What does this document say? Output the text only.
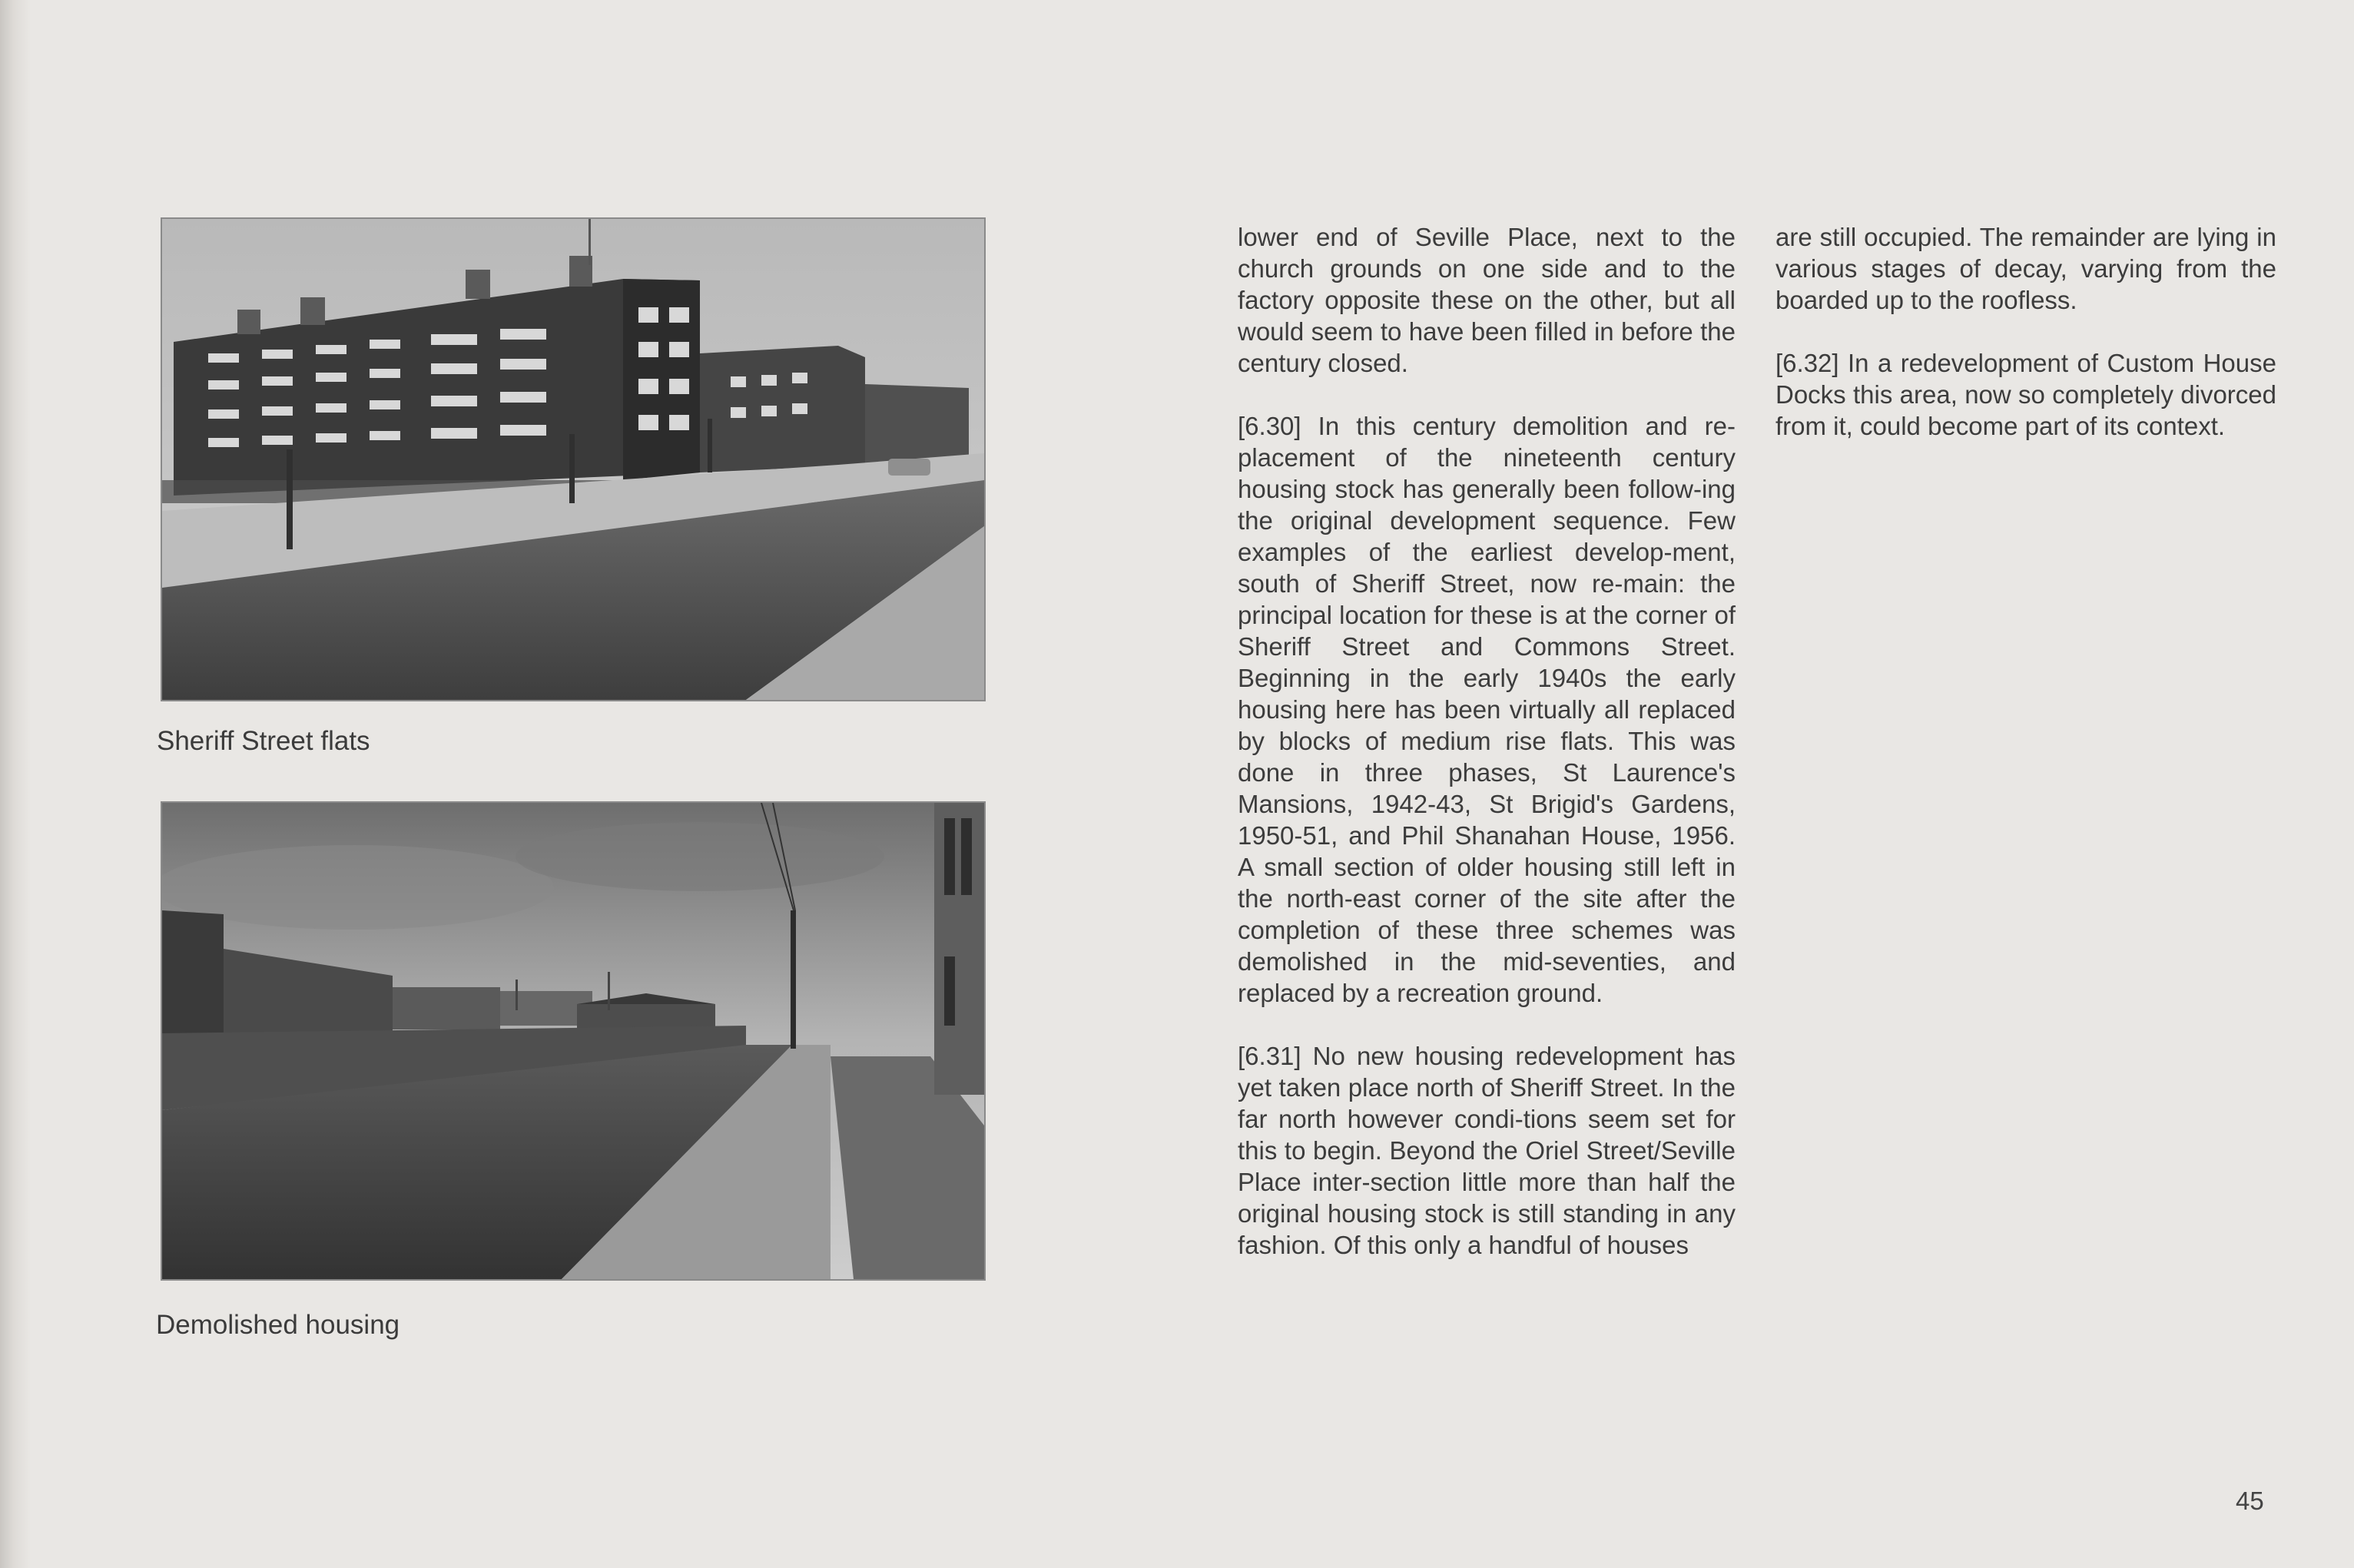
Sheriff Street flats
Demolished housing

lower end of Seville Place, next to the church grounds on one side and to the factory opposite these on the other, but all would seem to have been filled in before the century closed.

[6.30] In this century demolition and re-placement of the nineteenth century housing stock has generally been follow-ing the original development sequence. Few examples of the earliest develop-ment, south of Sheriff Street, now re-main: the principal location for these is at the corner of Sheriff Street and Commons Street. Beginning in the early 1940s the early housing here has been virtually all replaced by blocks of medium rise flats. This was done in three phases, St Laurence's Mansions, 1942-43, St Brigid's Gardens, 1950-51, and Phil Shanahan House, 1956. A small section of older housing still left in the north-east corner of the site after the completion of these three schemes was demolished in the mid-seventies, and replaced by a recreation ground.

[6.31] No new housing redevelopment has yet taken place north of Sheriff Street. In the far north however condi-tions seem set for this to begin. Beyond the Oriel Street/Seville Place inter-section little more than half the original housing stock is still standing in any fashion. Of this only a handful of houses

are still occupied. The remainder are lying in various stages of decay, varying from the boarded up to the roofless.

[6.32] In a redevelopment of Custom House Docks this area, now so completely divorced from it, could become part of its context.

45
